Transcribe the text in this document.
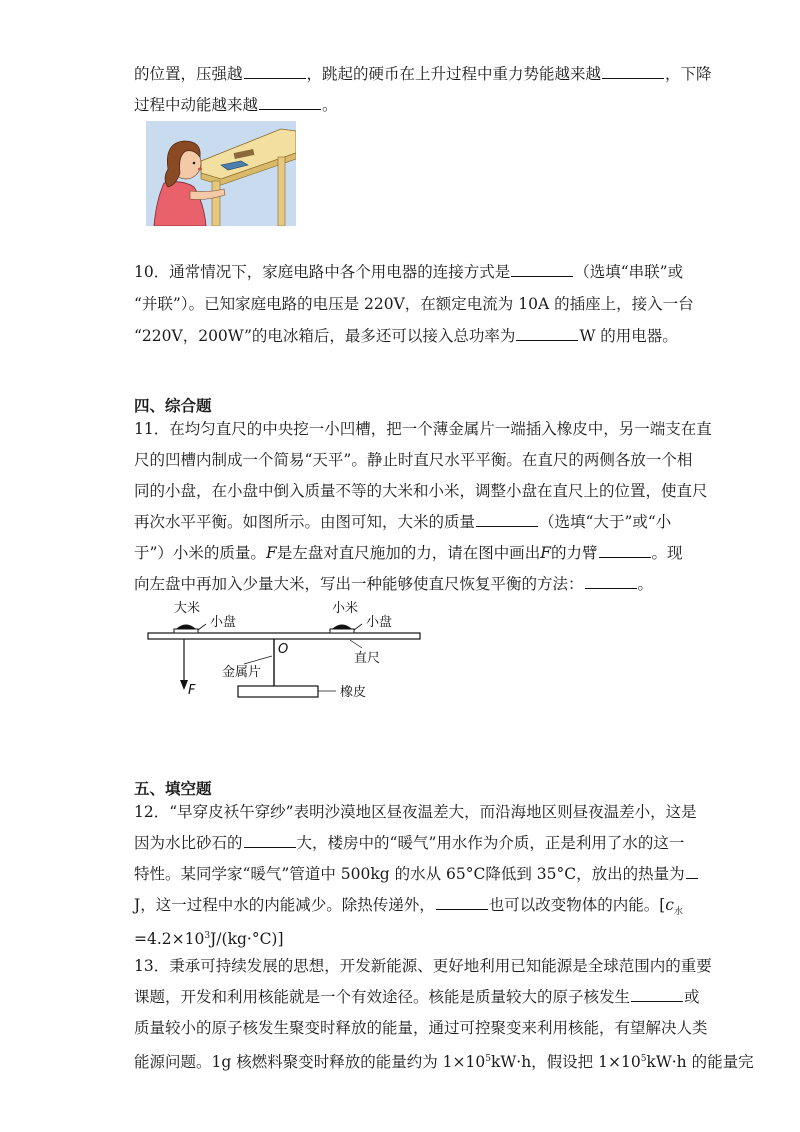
的位置，压强越	，跳起的硬币在上升过程中重力势能越来越	，下降
过程中动能越来越	。
10．通常情况下，家庭电路中各个用电器的连接方式是	（选填“串联”或
“并联”）。已知家庭电路的电压是 220V，在额定电流为 10A 的插座上，接入一台
“220V，200W”的电冰箱后，最多还可以接入总功率为	W 的用电器。
四、综合题
11．在均匀直尺的中央挖一小凹槽，把一个薄金属片一端插入橡皮中，另一端支在直
尺的凹槽内制成一个简易“天平”。静止时直尺水平平衡。在直尺的两侧各放一个相
同的小盘，在小盘中倒入质量不等的大米和小米，调整小盘在直尺上的位置，使直尺
再次水平平衡。如图所示。由图可知，大米的质量	（选填“大于”或“小
于”）小米的质量。F是左盘对直尺施加的力，请在图中画出F的力臂	。现
向左盘中再加入少量大米，写出一种能够使直尺恢复平衡的方法：	。
大米
小盘
小米
小盘
O
金属片
直尺
F	橡皮
五、填空题
12．“早穿皮袄午穿纱”表明沙漠地区昼夜温差大，而沿海地区则昼夜温差小，这是
因为水比砂石的	大，楼房中的“暖气”用水作为介质，正是利用了水的这一
特性。某同学家“暖气”管道中 500kg 的水从 65°C降低到 35°C，放出的热量为
J，这一过程中水的内能减少。除热传递外，	也可以改变物体的内能。[$c_水$
$=4.2\times 10^3J/(kg\cdot^\circ C)$]
13．秉承可持续发展的思想，开发新能源、更好地利用已知能源是全球范围内的重要
课题，开发和利用核能就是一个有效途径。核能是质量较大的原子核发生	或
质量较小的原子核发生聚变时释放的能量，通过可控聚变来利用核能，有望解决人类
能源问题。1g 核燃料聚变时释放的能量约为 $1\times 10^5kW\cdot h$，假设把 $1\times 10^5kW\cdot h$ 的能量完
